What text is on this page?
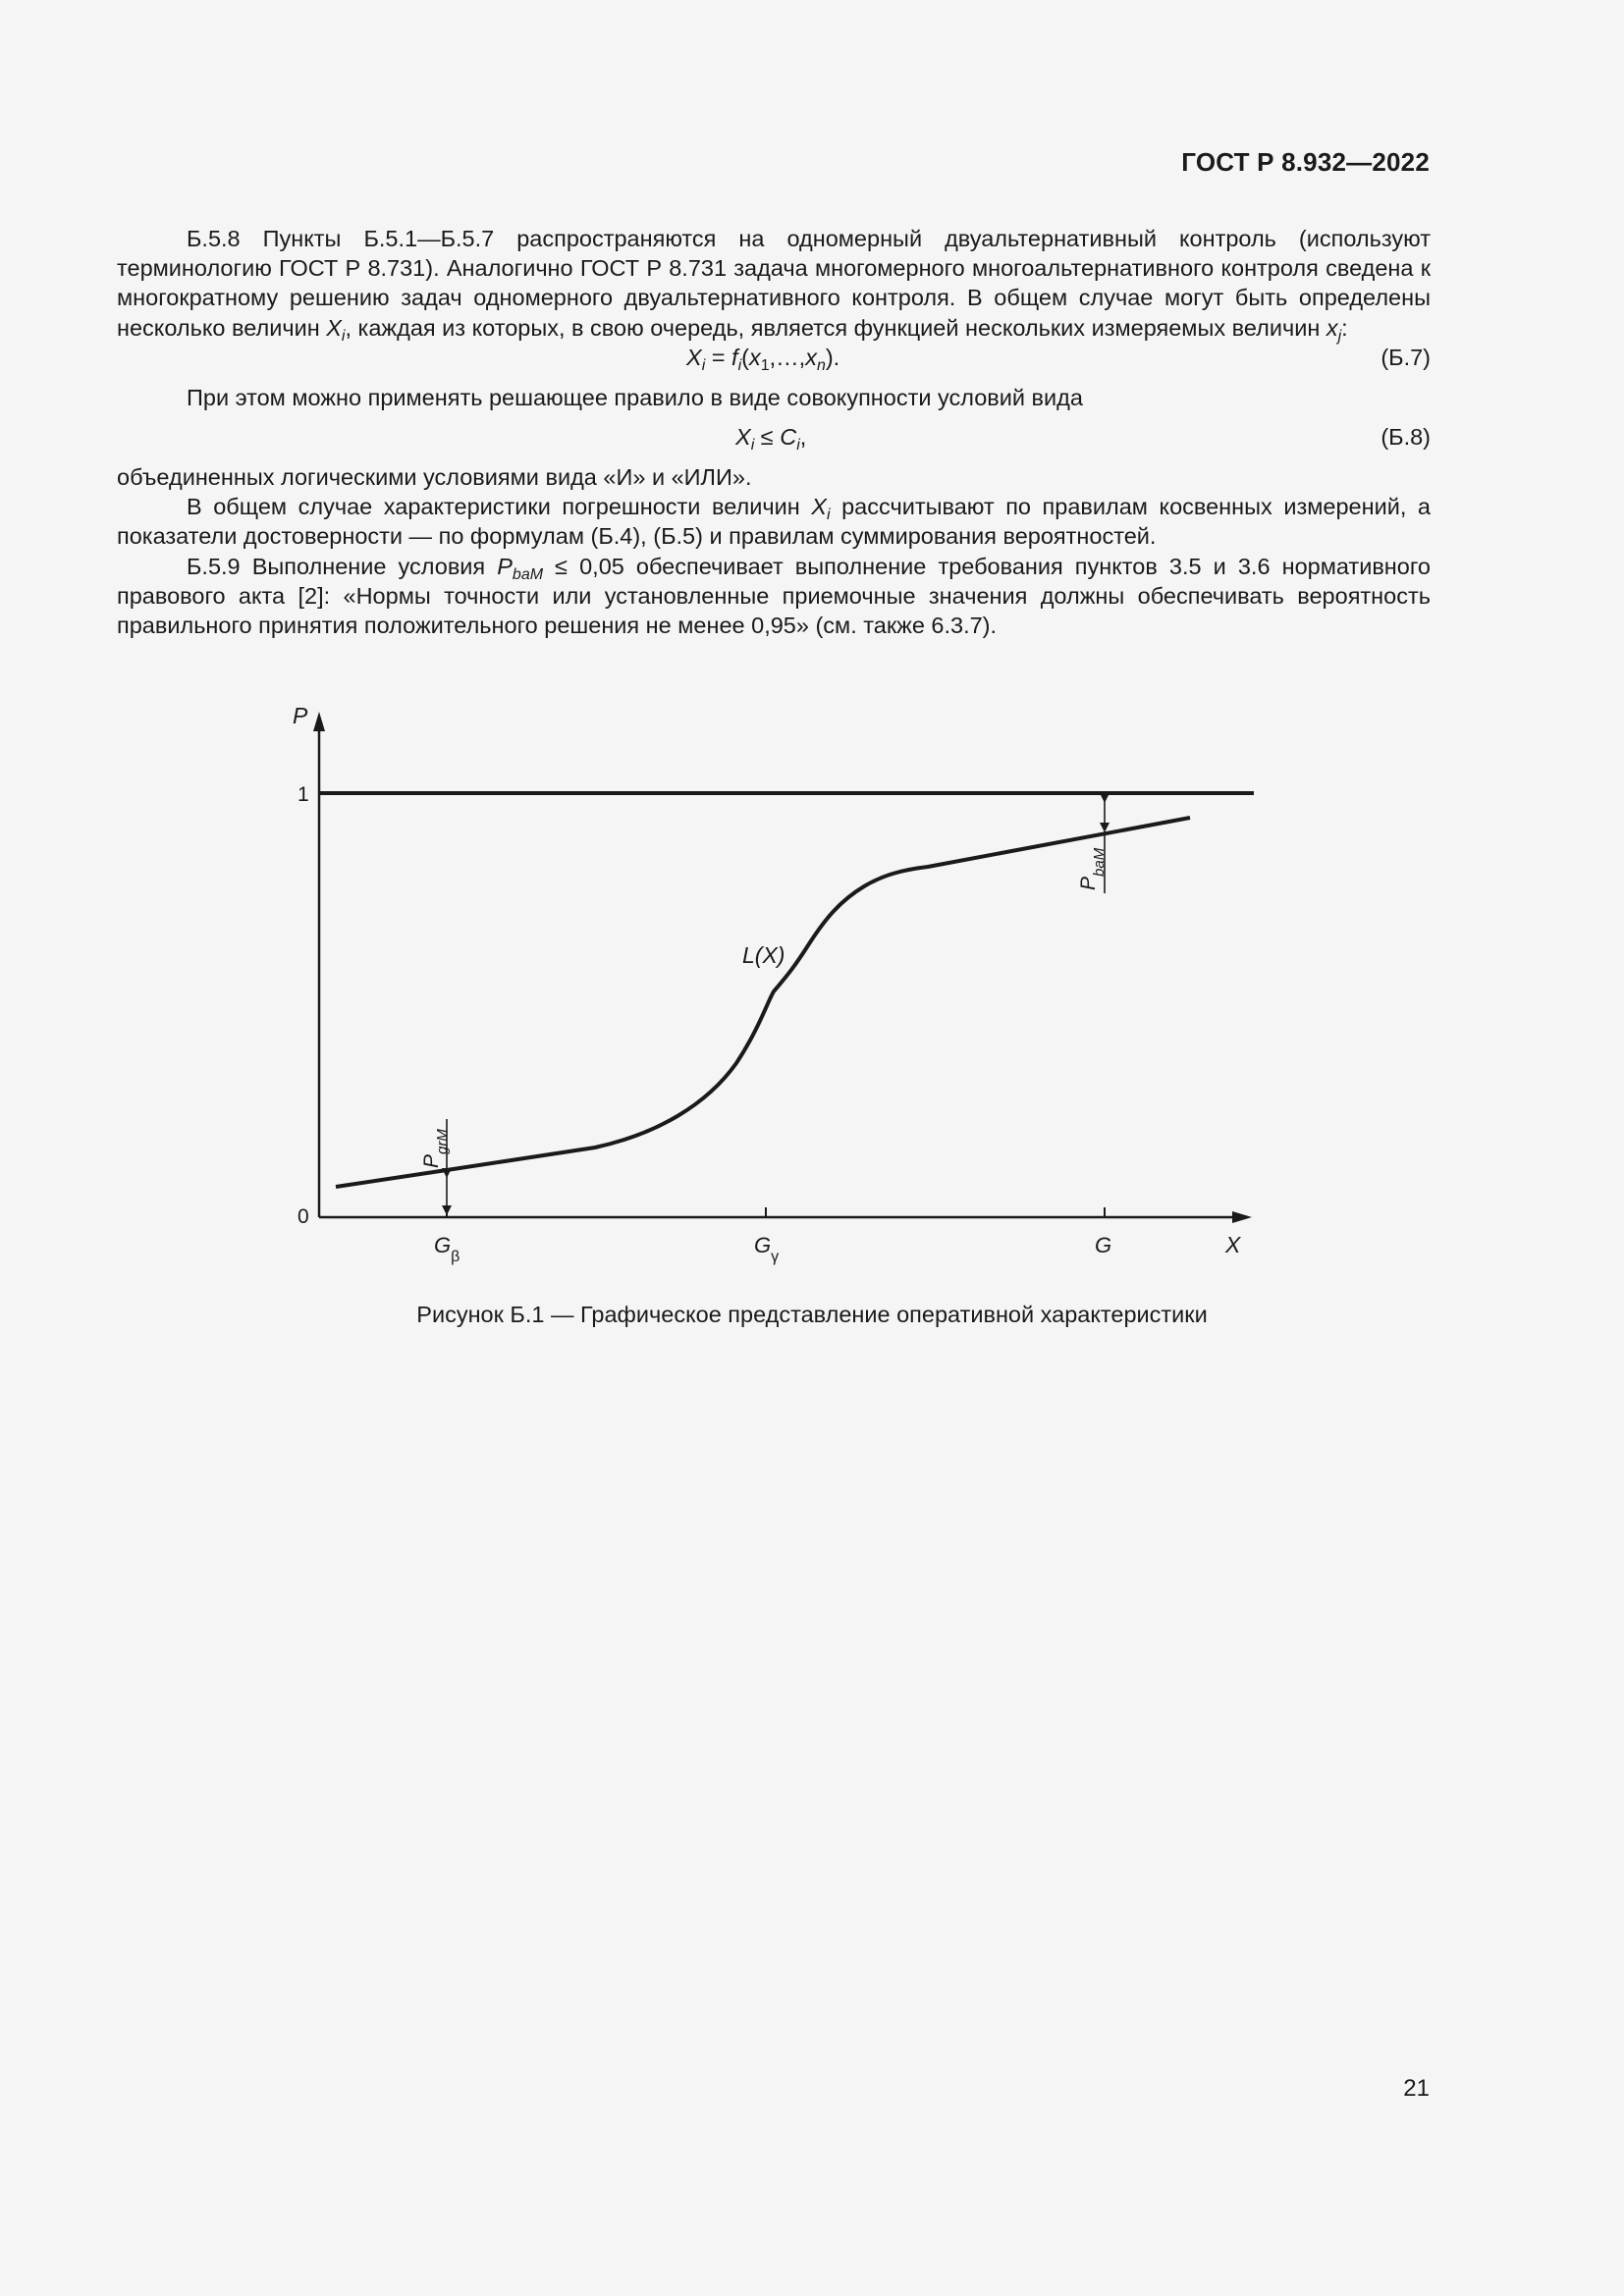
ГОСТ Р 8.932—2022

Б.5.8 Пункты Б.5.1—Б.5.7 распространяются на одномерный двуальтернативный контроль (используют терминологию ГОСТ Р 8.731). Аналогично ГОСТ Р 8.731 задача многомерного многоальтернативного контроля сведена к многократному решению задач одномерного двуальтернативного контроля. В общем случае могут быть определены несколько величин $X_i$, каждая из которых, в свою очередь, является функцией нескольких измеряемых величин $x_j$:

$X_i$ = $f_i(x_1,\dots,x_n)$.	(Б.7)

При этом можно применять решающее правило в виде совокупности условий вида

$X_i \le C_i$,	(Б.8)

объединенных логическими условиями вида «И» и «ИЛИ».

В общем случае характеристики погрешности величин $X_i$ рассчитывают по правилам косвенных измерений, а показатели достоверности — по формулам (Б.4), (Б.5) и правилам суммирования вероятностей.

Б.5.9 Выполнение условия $P_{baM} \le 0,05$ обеспечивает выполнение требования пунктов 3.5 и 3.6 нормативного правового акта [2]: «Нормы точности или установленные приемочные значения должны обеспечивать вероятность правильного принятия положительного решения не менее 0,95» (см. также 6.3.7).

P
X
1
0
L(X)
$P_{grM}$
$G_\beta$	$G_\gamma$	G
$P_{baM}$
Рисунок Б.1 — Графическое представление оперативной характеристики
21
